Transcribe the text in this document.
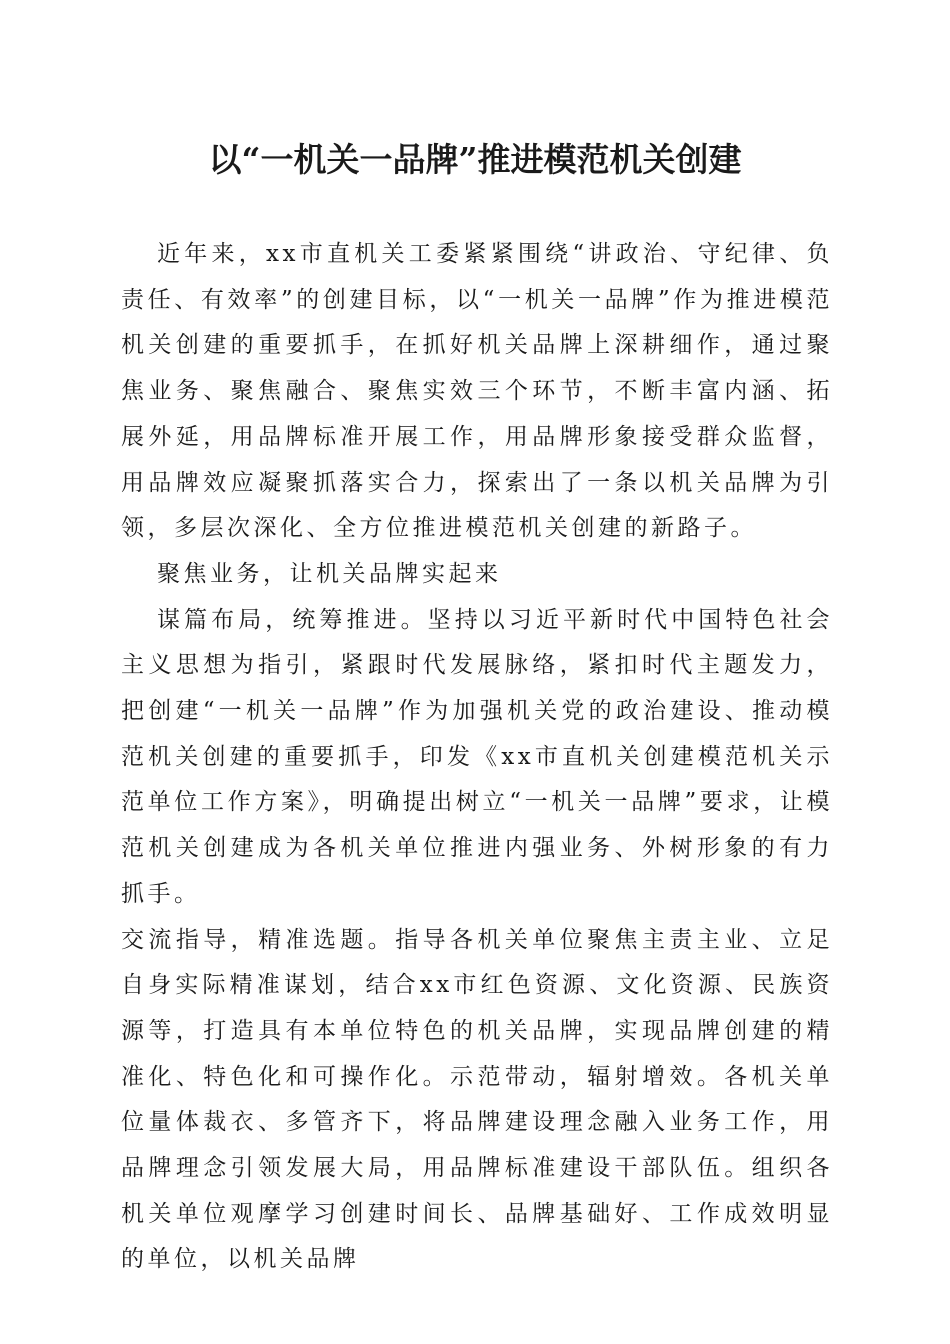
以“一机关一品牌”推进模范机关创建

近年来，xx市直机关工委紧紧围绕“讲政治、守纪律、负责任、有效率”的创建目标，以“一机关一品牌”作为推进模范机关创建的重要抓手，在抓好机关品牌上深耕细作，通过聚焦业务、聚焦融合、聚焦实效三个环节，不断丰富内涵、拓展外延，用品牌标准开展工作，用品牌形象接受群众监督，用品牌效应凝聚抓落实合力，探索出了一条以机关品牌为引领，多层次深化、全方位推进模范机关创建的新路子。

聚焦业务，让机关品牌实起来

谋篇布局，统筹推进。坚持以习近平新时代中国特色社会主义思想为指引，紧跟时代发展脉络，紧扣时代主题发力，把创建“一机关一品牌”作为加强机关党的政治建设、推动模范机关创建的重要抓手，印发《xx市直机关创建模范机关示范单位工作方案》，明确提出树立“一机关一品牌”要求，让模范机关创建成为各机关单位推进内强业务、外树形象的有力抓手。

交流指导，精准选题。指导各机关单位聚焦主责主业、立足自身实际精准谋划，结合xx市红色资源、文化资源、民族资源等，打造具有本单位特色的机关品牌，实现品牌创建的精准化、特色化和可操作化。示范带动，辐射增效。各机关单位量体裁衣、多管齐下，将品牌建设理念融入业务工作，用品牌理念引领发展大局，用品牌标准建设干部队伍。组织各机关单位观摩学习创建时间长、品牌基础好、工作成效明显的单位，以机关品牌
